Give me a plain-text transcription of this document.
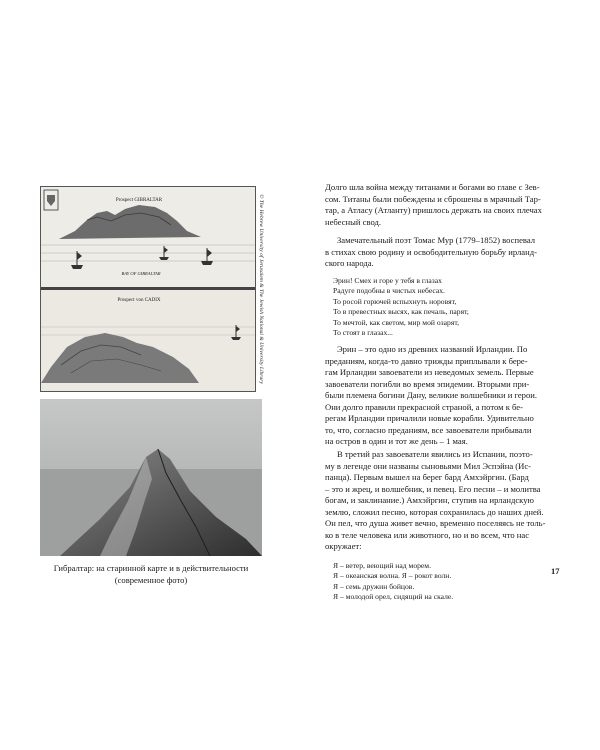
Prospect GIBRALTAR
BAY OF GIBRALTAR
Prospect von CADIX	© The Hebrew University of Jerusalem & The Jewish National & University Library
Гибралтар: на старинной карте и в действительности
(современное фото)

Долго шла война между титанами и богами во главе с Зев-

сом. Титаны были побеждены и сброшены в мрачный Тар-

тар, а Атласу (Атланту) пришлось держать на своих плечах

небесный свод.

Замечательный поэт Томас Мур (1779–1852) воспевал

в стихах свою родину и освободительную борьбу ирланд-

ского народа.

Эрин! Смех и горе у тебя в глазах

Радуге подобны в чистых небесах.

То росой горючей вспыхнуть норовят,

То в превестных высях, как печаль, парят,

То мечтой, как светом, мир мой озарят,

То стоят в глазах...

Эрин – это одно из древних названий Ирландии. По

преданиям, когда-то давно трижды приплывали к бере-

гам Ирландии завоеватели из неведомых земель. Первые

завоеватели погибли во время эпидемии. Вторыми при-

были племена богини Дану, великие волшебники и герои.

Они долго правили прекрасной страной, а потом к бе-

регам Ирландии причалили новые корабли. Удивительно

то, что, согласно преданиям, все завоеватели прибывали

на остров в один и тот же день – 1 мая.

В третий раз завоеватели явились из Испании, поэто-

му в легенде они названы сыновьями Мил Эспэйна (Ис-

панца). Первым вышел на берег бард Амхэйргин. (Бард

– это и жрец, и волшебник, и певец. Его песни – и молитва

богам, и заклинание.) Амхэйргин, ступив на ирландскую

землю, сложил песню, которая сохранилась до наших дней.

Он пел, что душа живет вечно, временно поселяясь не толь-

ко в теле человека или животного, но и во всем, что нас

окружает:

Я – ветер, веющий над морем.

Я – океанская волна. Я – рокот волн.

Я – семь дружин бойцов.

Я – молодой орел, сидящий на скале.

17
